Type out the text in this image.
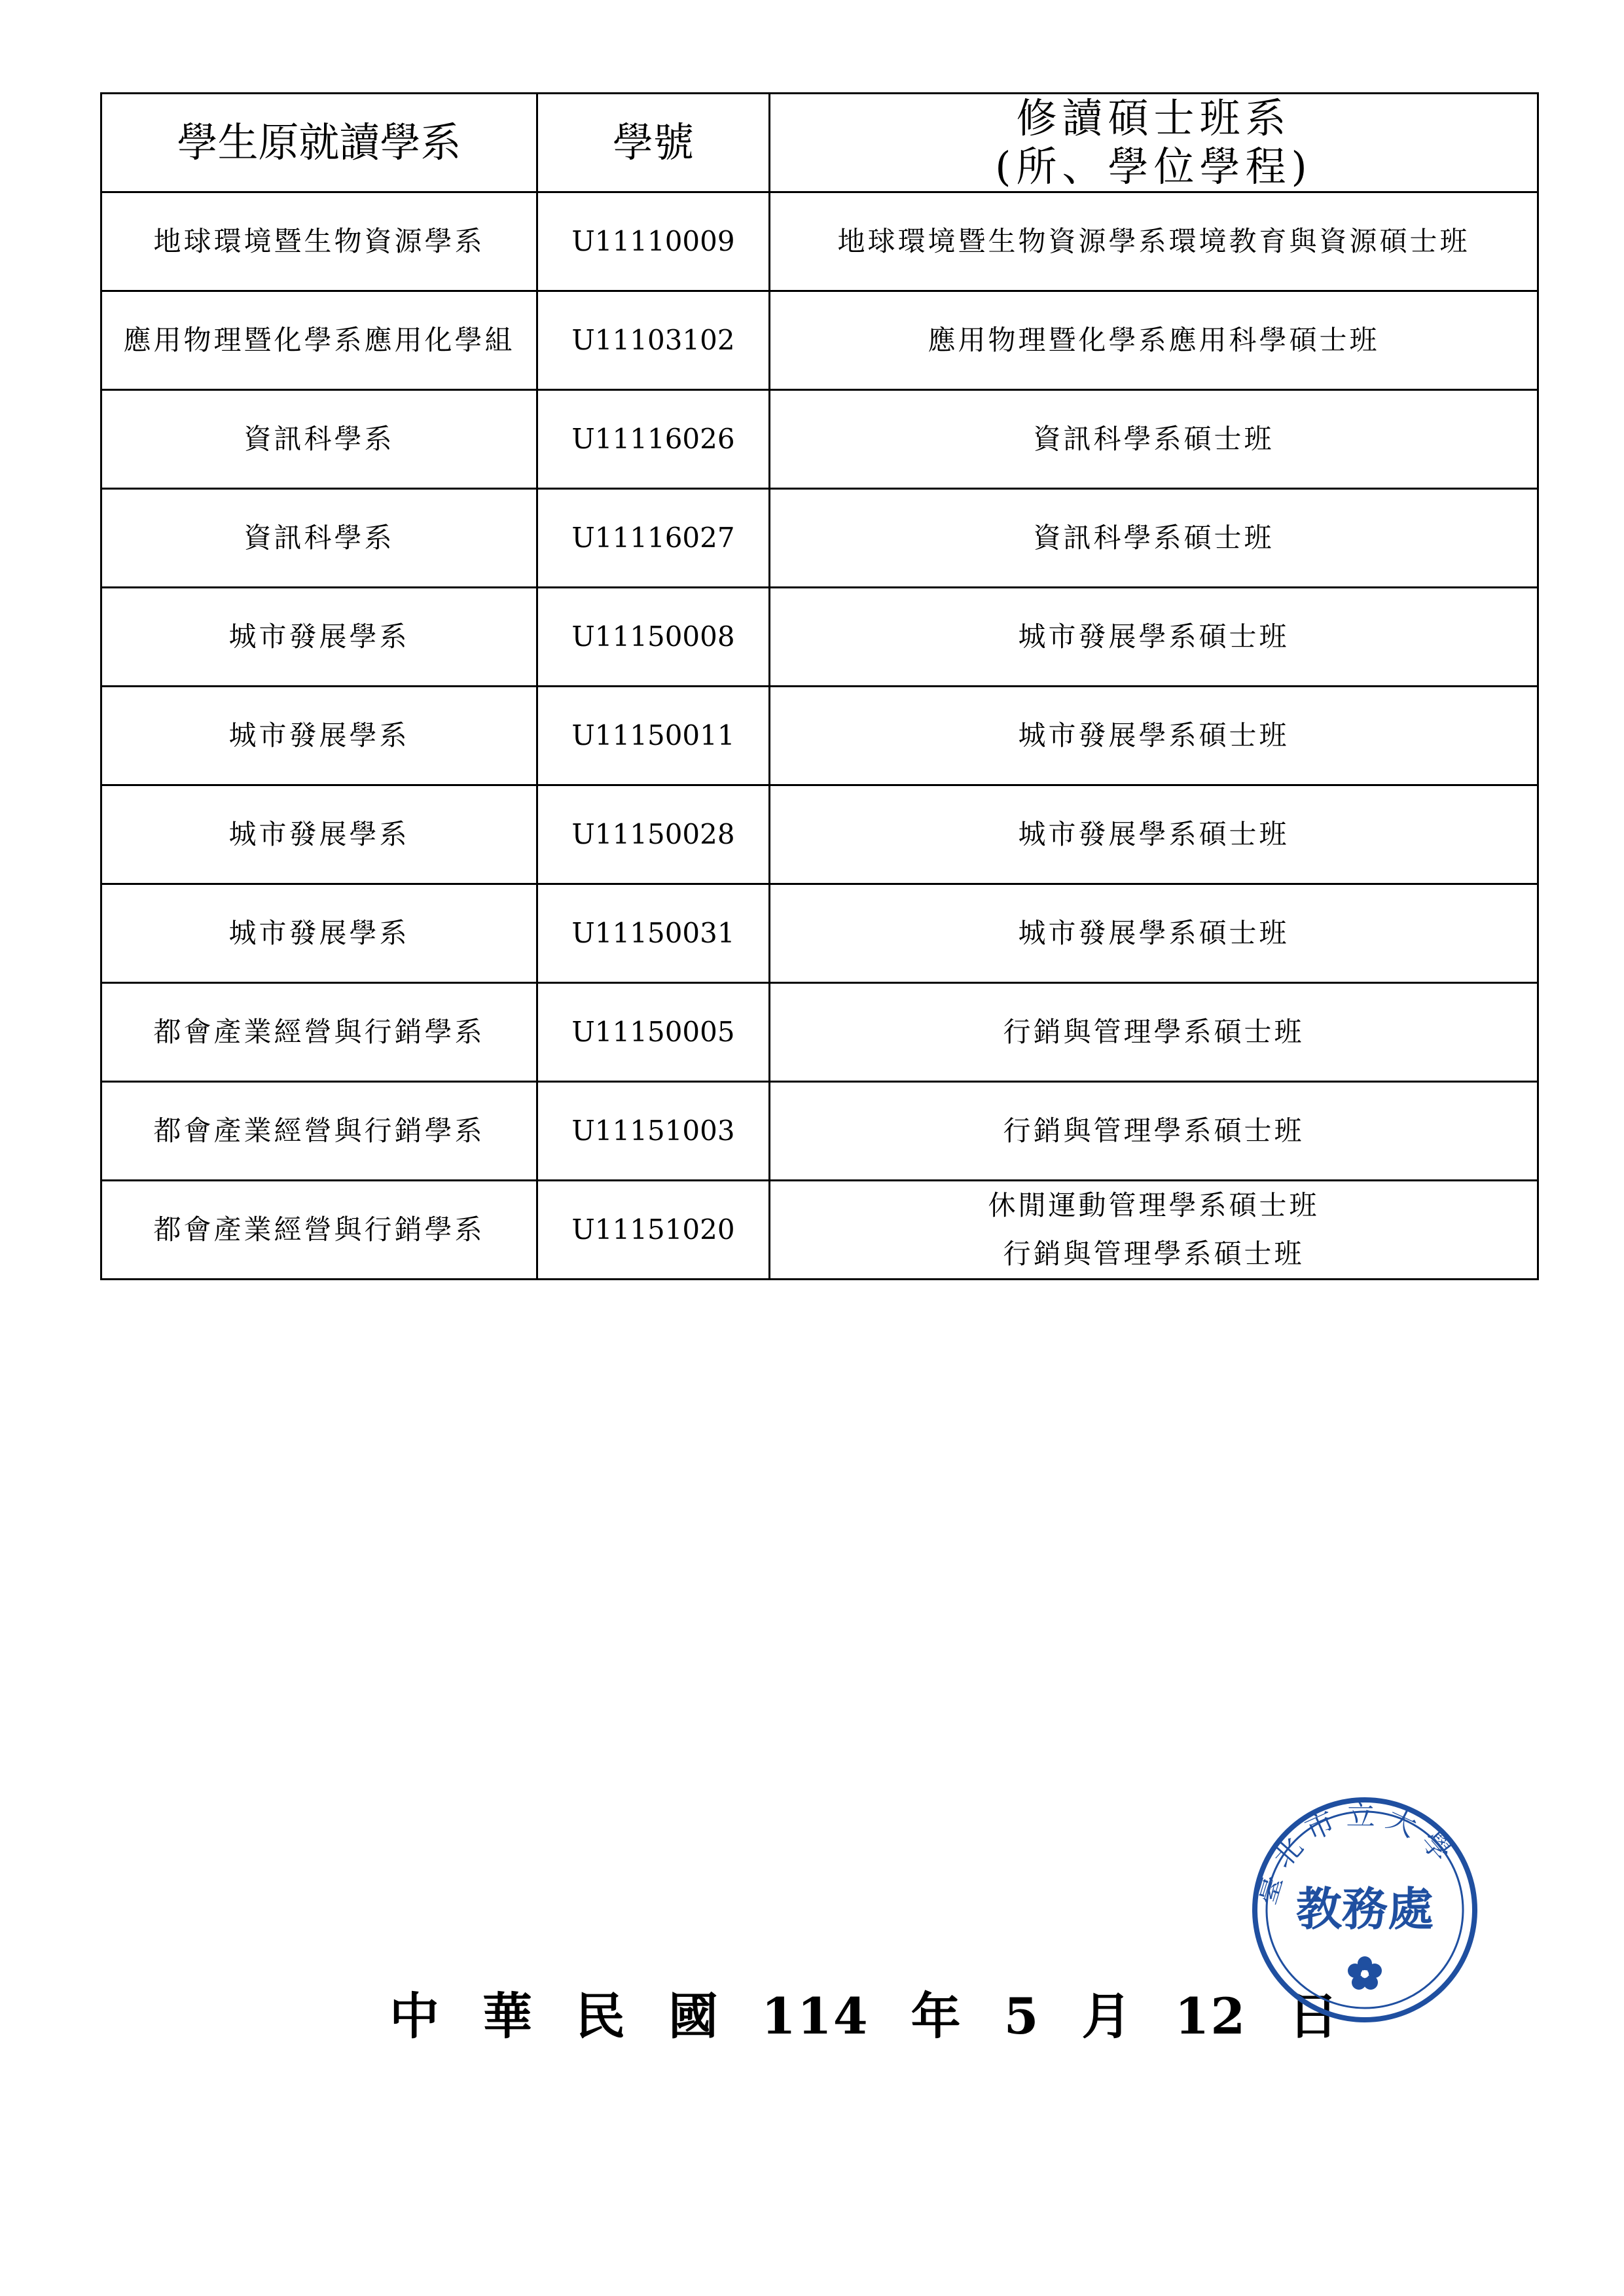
學生原就讀學系	學號	修讀碩士班系
(所、學位學程)

地球環境暨生物資源學系	U11110009	地球環境暨生物資源學系環境教育與資源碩士班

應用物理暨化學系應用化學組	U11103102	應用物理暨化學系應用科學碩士班

資訊科學系	U11116026	資訊科學系碩士班

資訊科學系	U11116027	資訊科學系碩士班

城市發展學系	U11150008	城市發展學系碩士班

城市發展學系	U11150011	城市發展學系碩士班

城市發展學系	U11150028	城市發展學系碩士班

城市發展學系	U11150031	城市發展學系碩士班

都會產業經營與行銷學系	U11150005	行銷與管理學系碩士班

都會產業經營與行銷學系	U11151003	行銷與管理學系碩士班

都會產業經營與行銷學系	U11151020	休閒運動管理學系碩士班
行銷與管理學系碩士班
中 華 民 國 114 年 5 月 12 日
臺北市立大學
教務處
